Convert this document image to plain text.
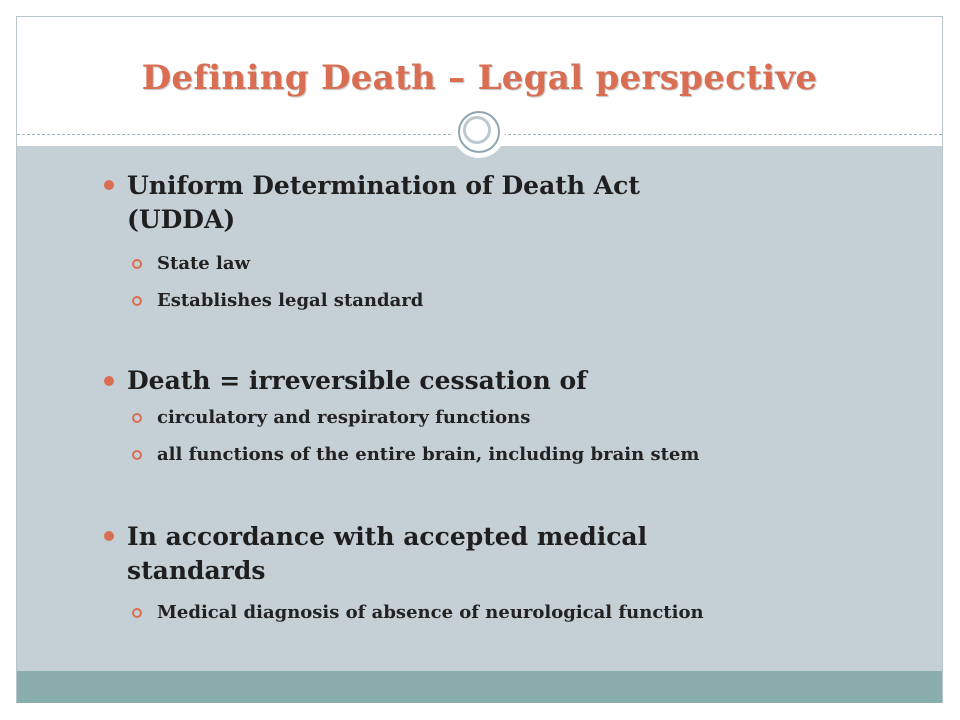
Defining Death – Legal perspective
Uniform Determination of Death Act (UDDA)
State law
Establishes legal standard
Death = irreversible cessation of
circulatory and respiratory functions
all functions of the entire brain, including brain stem
In accordance with accepted medical standards
Medical diagnosis of absence of neurological function
